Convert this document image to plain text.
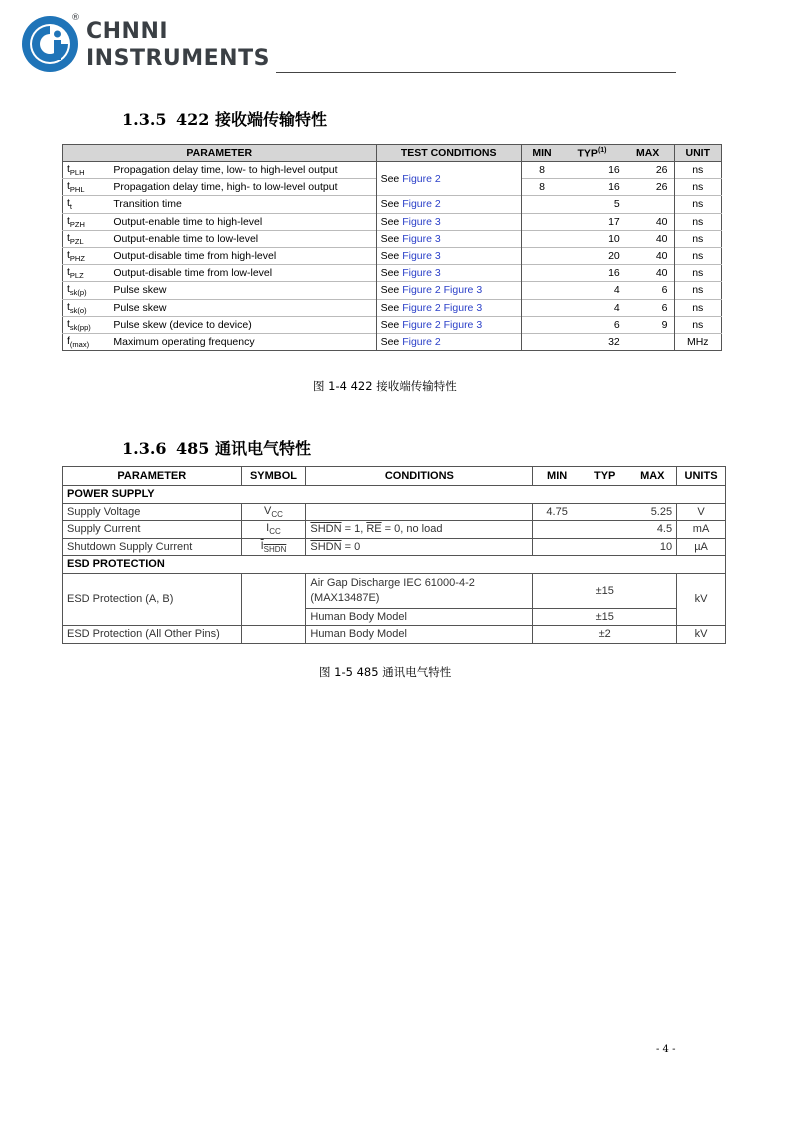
®
CHNNI
INSTRUMENTS
1.3.5 422 接收端传输特性
PARAMETER		TEST CONDITIONS	MIN	TYP$^{(1)}$	MAX	UNIT
$t_{PLH}$	Propagation delay time, low- to high-level output	See Figure 2	8	16	26	ns
$t_{PHL}$	Propagation delay time, high- to low-level output		8	16	26	ns
$t_t$	Transition time	See Figure 2		5		ns
$t_{PZH}$	Output-enable time to high-level	See Figure 3		17	40	ns
$t_{PZL}$	Output-enable time to low-level	See Figure 3		10	40	ns
$t_{PHZ}$	Output-disable time from high-level	See Figure 3		20	40	ns
$t_{PLZ}$	Output-disable time from low-level	See Figure 3		16	40	ns
$t_{sk(p)}$	Pulse skew	See Figure 2 Figure 3		4	6	ns
$t_{sk(o)}$	Pulse skew	See Figure 2 Figure 3		4	6	ns
$t_{sk(pp)}$	Pulse skew (device to device)	See Figure 2 Figure 3		6	9	ns
$f_{(max)}$	Maximum operating frequency	See Figure 2		32		MHz
图 1-4 422 接收端传输特性
1.3.6 485 通讯电气特性
PARAMETER	SYMBOL	CONDITIONS	MIN	TYP	MAX	UNITS
POWER SUPPLY						
Supply Voltage	$V_{CC}$		4.75		5.25	V
Supply Current	$I_{CC}$	SHDN = 1, $\overline{RE} = 0$, no load			4.5	mA
Shutdown Supply Current	$\overline{I}_{SHDN}$	SHDN = 0			10	µA
ESD PROTECTION						
ESD Protection (A, B)		Air Gap Discharge IEC 61000-4-2 (MAX13487E)	±15			kV
		Human Body Model	±15			
ESD Protection (All Other Pins)		Human Body Model	±2			kV
图 1-5 485 通讯电气特性
- 4 -
